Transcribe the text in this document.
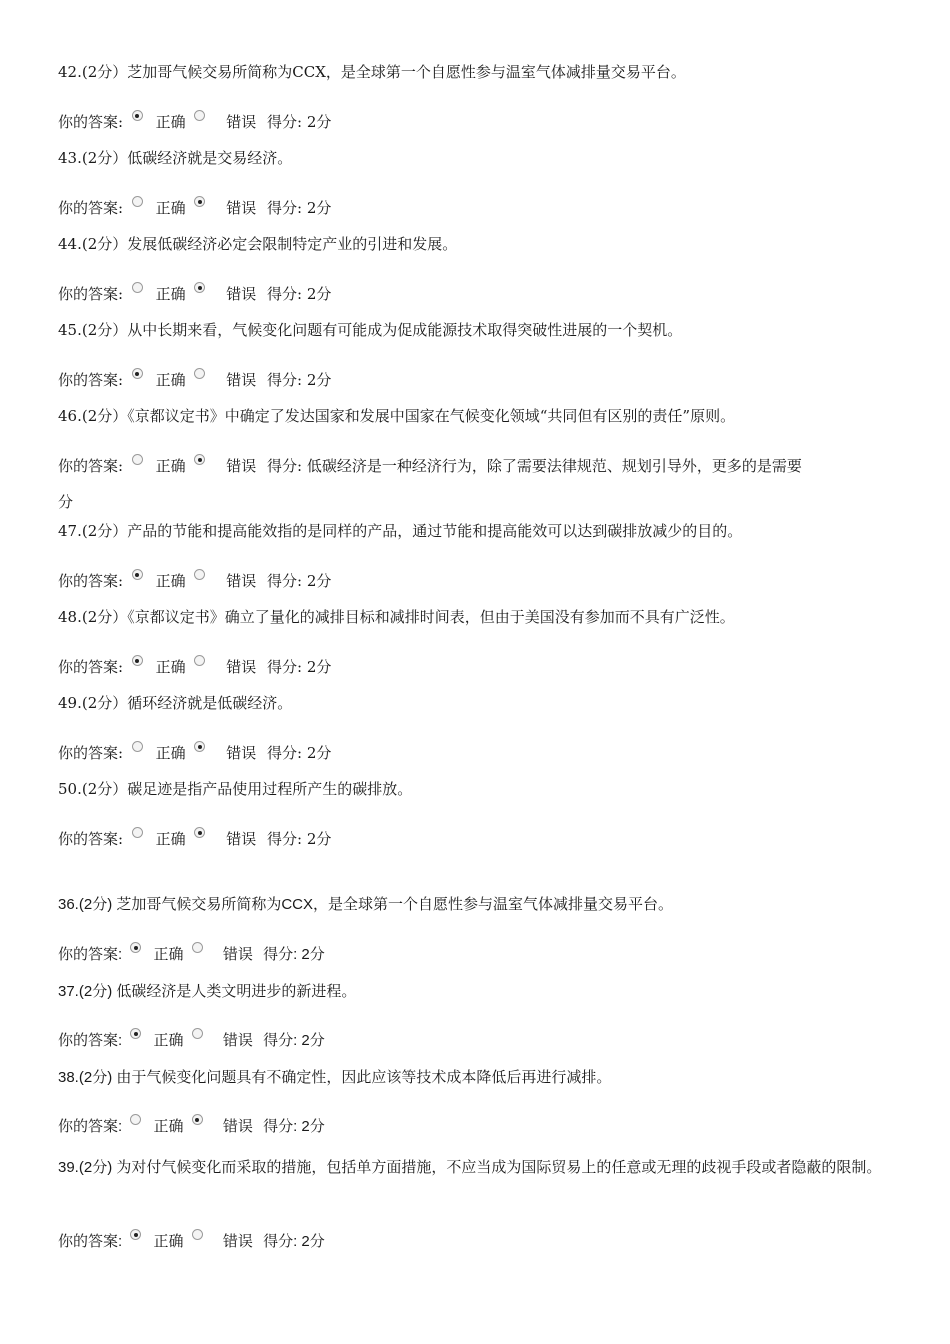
42.(2分）芝加哥气候交易所简称为CCX，是全球第一个自愿性参与温室气体减排量交易平台。
你的答案: 正确	错误 得分: 2分
43.(2分）低碳经济就是交易经济。
你的答案: 正确	错误 得分: 2分
44.(2分）发展低碳经济必定会限制特定产业的引进和发展。
你的答案: 正确	错误 得分: 2分
45.(2分）从中长期来看，气候变化问题有可能成为促成能源技术取得突破性进展的一个契机。
你的答案: 正确	错误 得分: 2分
46.(2分）《京都议定书》中确定了发达国家和发展中国家在气候变化领域“共同但有区别的责任”原则。
你的答案: 正确	错误 得分: 低碳经济是一种经济行为，除了需要法律规范、规划引导外，更多的是需要
分
47.(2分）产品的节能和提高能效指的是同样的产品，通过节能和提高能效可以达到碳排放减少的目的。
你的答案: 正确	错误 得分: 2分
48.(2分）《京都议定书》确立了量化的减排目标和减排时间表，但由于美国没有参加而不具有广泛性。
你的答案: 正确	错误 得分: 2分
49.(2分）循环经济就是低碳经济。
你的答案: 正确	错误 得分: 2分
50.(2分）碳足迹是指产品使用过程所产生的碳排放。
你的答案: 正确	错误 得分: 2分
36.(2分) 芝加哥气候交易所简称为CCX，是全球第一个自愿性参与温室气体减排量交易平台。
你的答案: 正确	错误 得分: 2分
37.(2分) 低碳经济是人类文明进步的新进程。
你的答案: 正确	错误 得分: 2分
38.(2分) 由于气候变化问题具有不确定性，因此应该等技术成本降低后再进行减排。
你的答案: 正确	错误 得分: 2分
39.(2分) 为对付气候变化而采取的措施，包括单方面措施，不应当成为国际贸易上的任意或无理的歧视手段或者隐蔽的限制。
你的答案: 正确	错误 得分: 2分
